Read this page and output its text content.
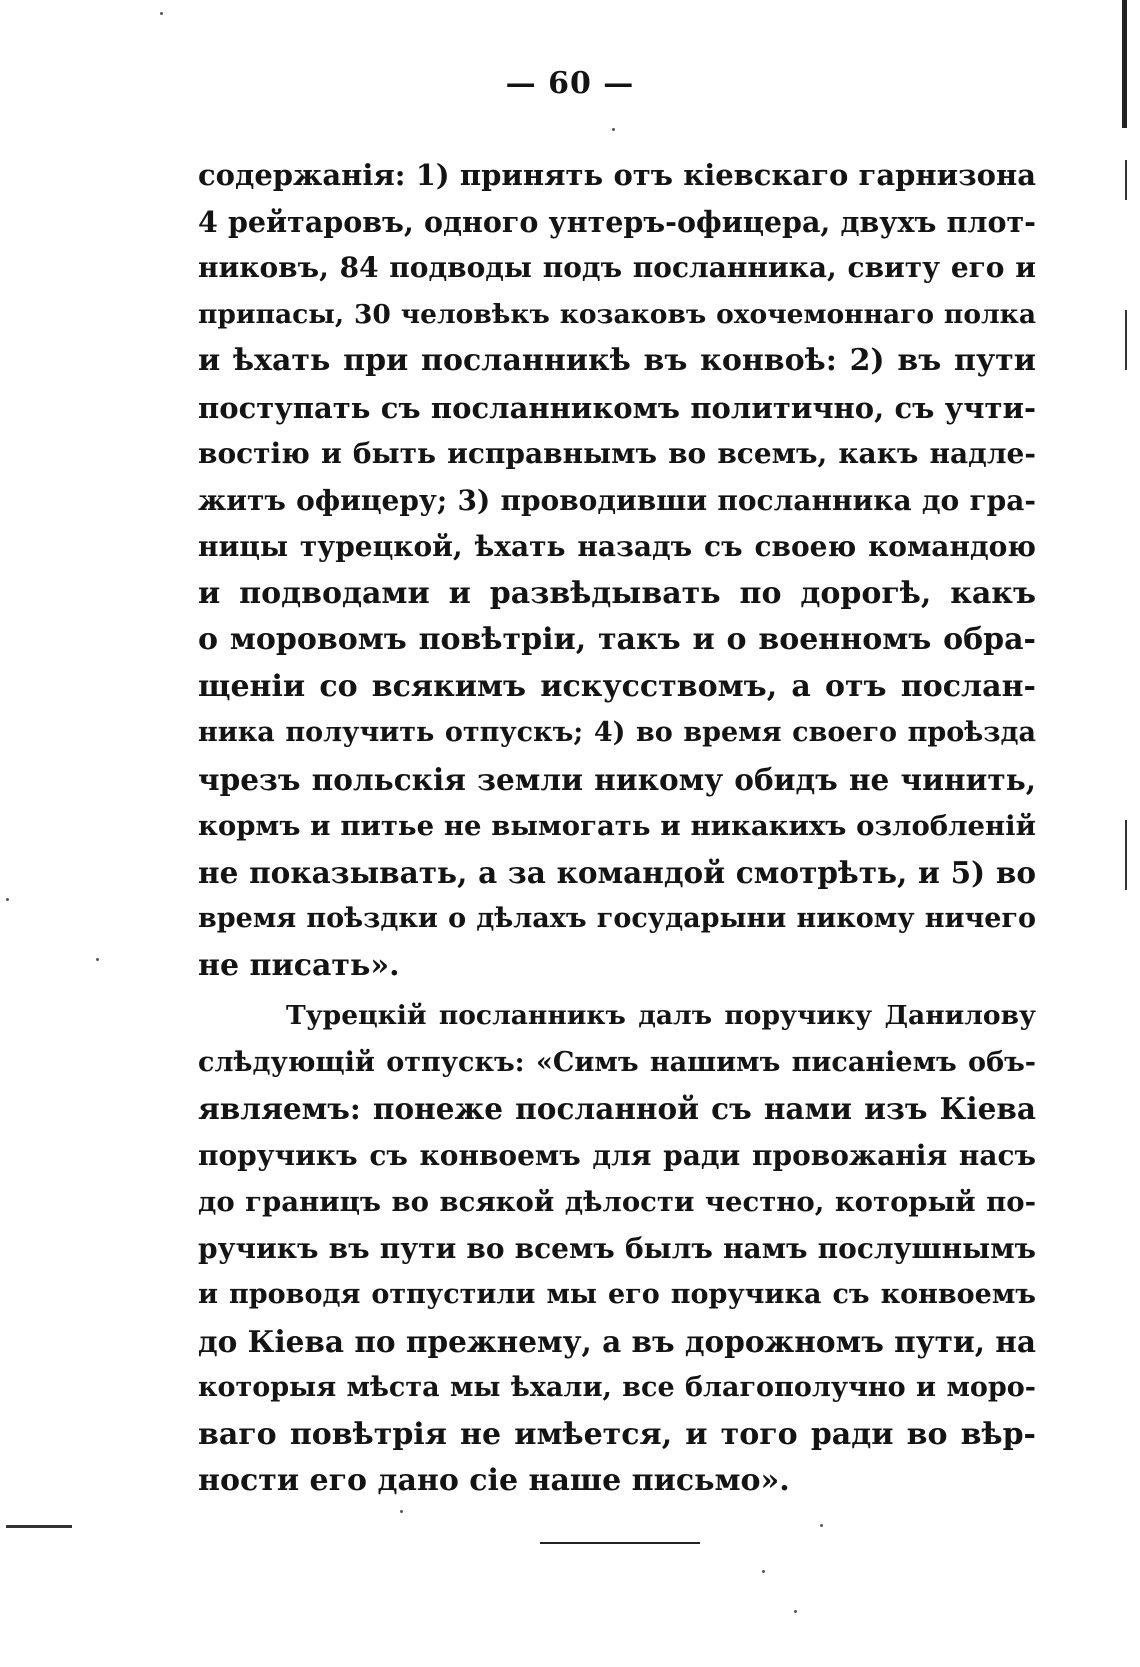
— 60 —
содержанія: 1) принять отъ кіевскаго гарнизона
4 рейтаровъ, одного унтеръ-офицера, двухъ плот-
никовъ, 84 подводы подъ посланника, свиту его и
припасы, 30 человѣкъ козаковъ охочемоннаго полка
и ѣхать при посланникѣ въ конвоѣ: 2) въ пути
поступать съ посланникомъ политично, съ учти-
востію и быть исправнымъ во всемъ, какъ надле-
житъ офицеру; 3) проводивши посланника до гра-
ницы турецкой, ѣхать назадъ съ своею командою
и подводами и развѣдывать по дорогѣ, какъ
о моровомъ повѣтріи, такъ и о военномъ обра-
щеніи со всякимъ искусствомъ, а отъ послан-
ника получить отпускъ; 4) во время своего проѣзда
чрезъ польскія земли никому обидъ не чинить,
кормъ и питье не вымогать и никакихъ озлобленій
не показывать, а за командой смотрѣть, и 5) во
время поѣздки о дѣлахъ государыни никому ничего
не писать».
Турецкій посланникъ далъ поручику Данилову
слѣдующій отпускъ: «Симъ нашимъ писаніемъ объ-
являемъ: понеже посланной съ нами изъ Кіева
поручикъ съ конвоемъ для ради провожанія насъ
до границъ во всякой дѣлости честно, который по-
ручикъ въ пути во всемъ былъ намъ послушнымъ
и проводя отпустили мы его поручика съ конвоемъ
до Кіева по прежнему, а въ дорожномъ пути, на
которыя мѣста мы ѣхали, все благополучно и моро-
ваго повѣтрія не имѣется, и того ради во вѣр-
ности его дано сіе наше письмо».
